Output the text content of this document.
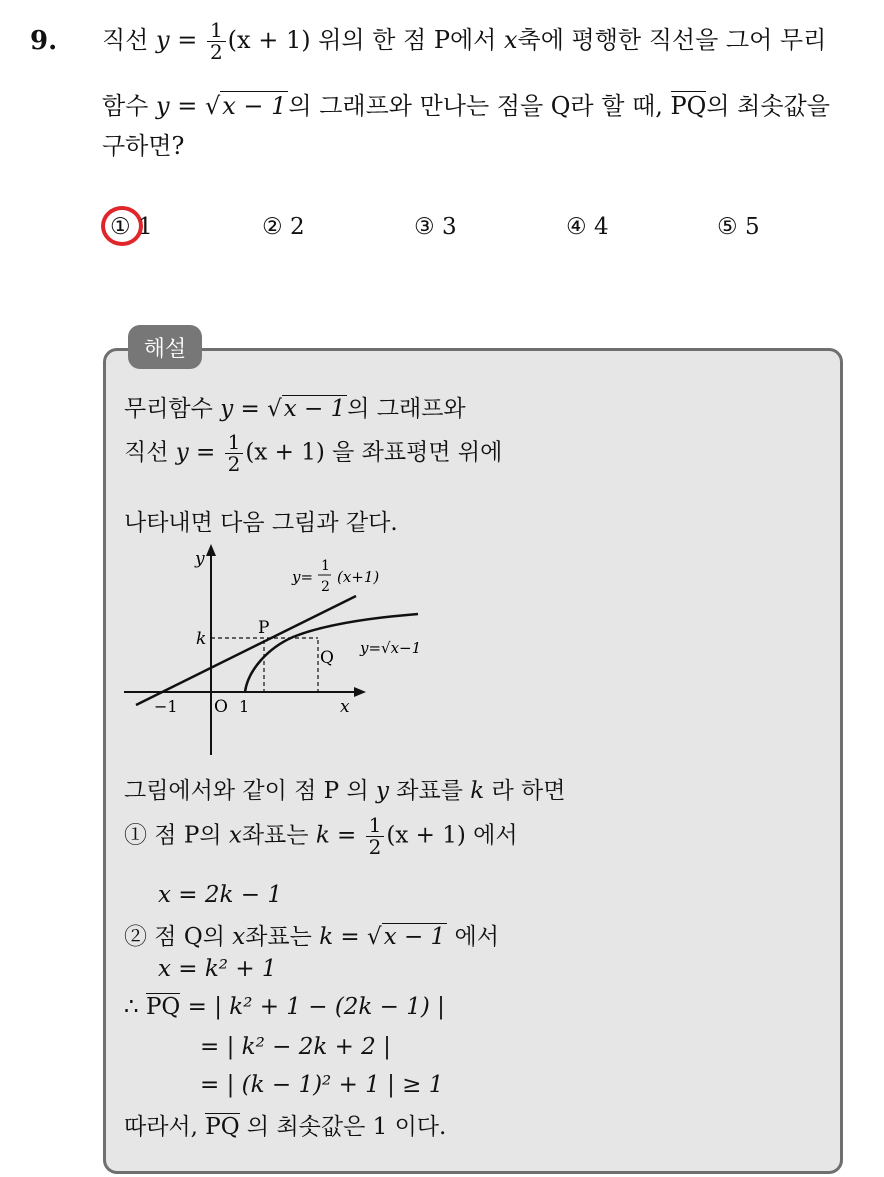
9. 직선 $y = \frac{1}{2} (x + 1)$ 위의 한 점 P에서 x축에 평행한 직선을 그어 무리
함수 y = √x − 1의 그래프와 만나는 점을 Q라 할 때, PQ의 최솟값을
구하면?
① 1	② 2	③ 3	④ 4	⑤ 5
해설
무리함수 y = √x − 1의 그래프와
직선 $y = \frac{1}{2} (x + 1)$ 을 좌표평면 위에
나타내면 다음 그림과 같다.
y
x
O
−1	1
k
P
Q
y=
1
2
(x+1)
y=√x−1
그림에서와 같이 점 P 의 y 좌표를 k 라 하면
① 점 P의 x좌표는 $k = \frac{1}{2} (x + 1)$ 에서
x = 2k − 1
② 점 Q의 x좌표는 k = √x − 1 에서
x = k² + 1
∴ PQ = | k² + 1 − (2k − 1) |
= | k² − 2k + 2 |
= | (k − 1)² + 1 | ≥ 1
따라서, PQ 의 최솟값은 1 이다.
